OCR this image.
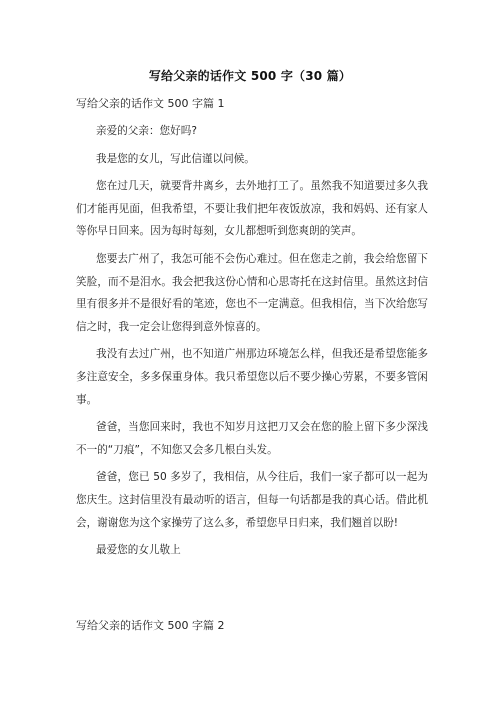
写给父亲的话作文 500 字（30 篇）
写给父亲的话作文 500 字篇 1

亲爱的父亲：您好吗?

我是您的女儿，写此信谨以问候。

您在过几天，就要背井离乡，去外地打工了。虽然我不知道要过多久我们才能再见面，但我希望，不要让我们把年夜饭放凉，我和妈妈、还有家人等你早日回来。因为每时每刻，女儿都想听到您爽朗的笑声。

您要去广州了，我怎可能不会伤心难过。但在您走之前，我会给您留下笑脸，而不是泪水。我会把我这份心情和心思寄托在这封信里。虽然这封信里有很多并不是很好看的笔迹，您也不一定满意。但我相信，当下次给您写信之时，我一定会让您得到意外惊喜的。

我没有去过广州，也不知道广州那边环境怎么样，但我还是希望您能多多注意安全，多多保重身体。我只希望您以后不要少操心劳累，不要多管闲事。

爸爸，当您回来时，我也不知岁月这把刀又会在您的脸上留下多少深浅不一的“刀痕”，不知您又会多几根白头发。

爸爸，您已 50 多岁了，我相信，从今往后，我们一家子都可以一起为您庆生。这封信里没有最动听的语言，但每一句话都是我的真心话。借此机会，谢谢您为这个家操劳了这么多，希望您早日归来，我们翘首以盼!

最爱您的女儿敬上

写给父亲的话作文 500 字篇 2
